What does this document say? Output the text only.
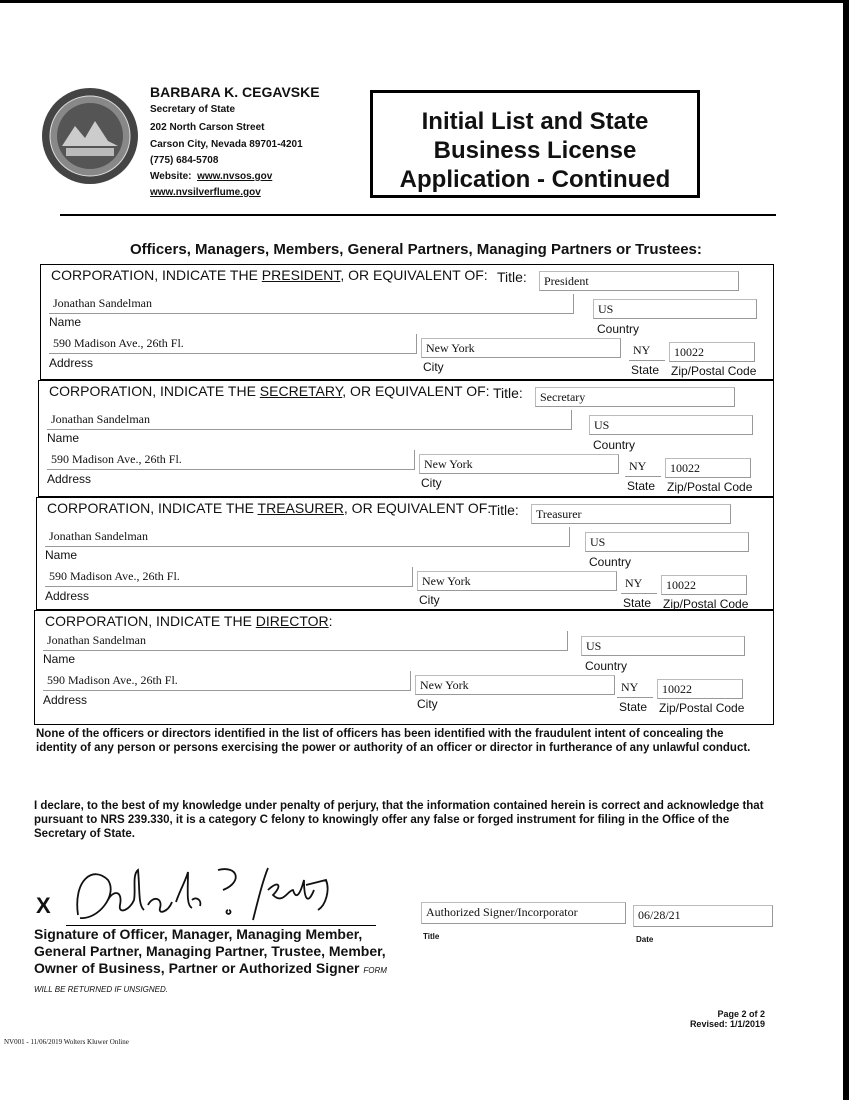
BARBARA K. CEGAVSKE
Secretary of State
202 North Carson Street
Carson City, Nevada 89701-4201
(775) 684-5708
Website: www.nvsos.gov
www.nvsilverflume.gov
Initial List and State
Business License
Application - Continued
Officers, Managers, Members, General Partners, Managing Partners or Trustees:
CORPORATION, INDICATE THE PRESIDENT, OR EQUIVALENT OF: Title:	President
Jonathan Sandelman
Name
US
Country
590 Madison Ave., 26th Fl.
Address
New York
City
NY
State
10022
Zip/Postal Code
CORPORATION, INDICATE THE SECRETARY, OR EQUIVALENT OF: Title:	Secretary
Jonathan Sandelman
Name
US
Country
590 Madison Ave., 26th Fl.
Address
New York
City
NY
State
10022
Zip/Postal Code
CORPORATION, INDICATE THE TREASURER, OR EQUIVALENT OF:
Title:	Treasurer
Jonathan Sandelman
Name
US
Country
590 Madison Ave., 26th Fl.
Address
New York
City
NY
State
10022
Zip/Postal Code
CORPORATION, INDICATE THE DIRECTOR:
Jonathan Sandelman
Name
US
Country
590 Madison Ave., 26th Fl.
Address
New York
City
NY
State
10022
Zip/Postal Code
None of the officers or directors identified in the list of officers has been identified with the fraudulent intent of concealing the identity of any person or persons exercising the power or authority of an officer or director in furtherance of any unlawful conduct.
I declare, to the best of my knowledge under penalty of perjury, that the information contained herein is correct and acknowledge that pursuant to NRS 239.330, it is a category C felony to knowingly offer any false or forged instrument for filing in the Office of the Secretary of State.
X
Signature of Officer, Manager, Managing Member, General Partner, Managing Partner, Trustee, Member, Owner of Business, Partner or Authorized Signer FORM WILL BE RETURNED IF UNSIGNED.
Authorized Signer/Incorporator
Title
06/28/21
Date
Page 2 of 2
Revised: 1/1/2019
NV001 - 11/06/2019 Wolters Kluwer Online
